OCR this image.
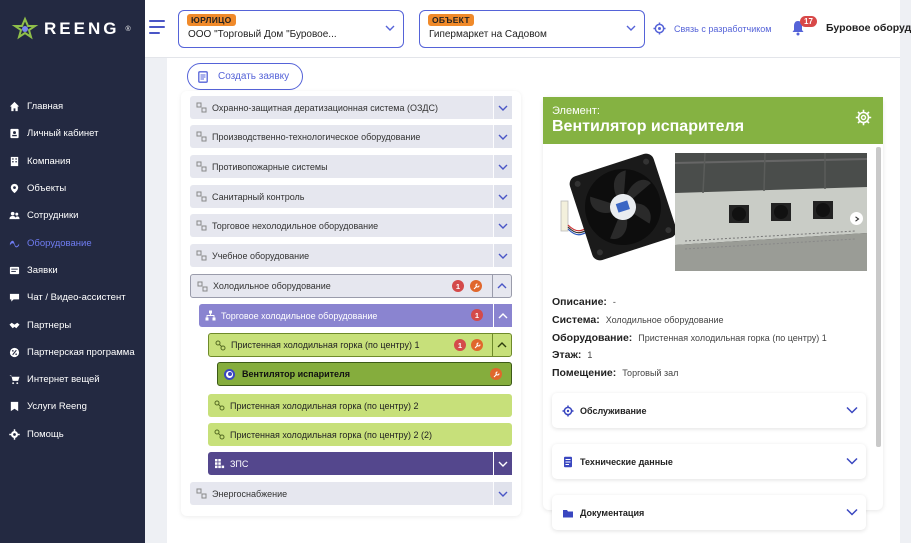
REENG ®
Главная
Личный кабинет
Компания
Объекты
Сотрудники
Оборудование
Заявки
Чат / Видео-ассистент
Партнеры
Партнерская программа
Интернет вещей
Услуги Reeng
Помощь
ЮРЛИЦО
ООО "Торговый Дом "Буровое...
ОБЪЕКТ
Гипермаркет на Садовом
Связь с разработчиком
17
Буровое оборуд
Создать заявку
Охранно-защитная дератизационная система (ОЗДС)
Производственно-технологическое оборудование
Противопожарные системы
Санитарный контроль
Торговое нехолодильное оборудование
Учебное оборудование
Холодильное оборудование	1
Торговое холодильное оборудование	1
Пристенная холодильная горка (по центру) 1	1
Вентилятор испарителя
Пристенная холодильная горка (по центру) 2
Пристенная холодильная горка (по центру) 2 (2)
ЗПС
Энергоснабжение
Элемент:
Вентилятор испарителя
Описание: -
Система: Холодильное оборудование
Оборудование: Пристенная холодильная горка (по центру) 1
Этаж: 1
Помещение: Торговый зал
Обслуживание
Технические данные
Документация
